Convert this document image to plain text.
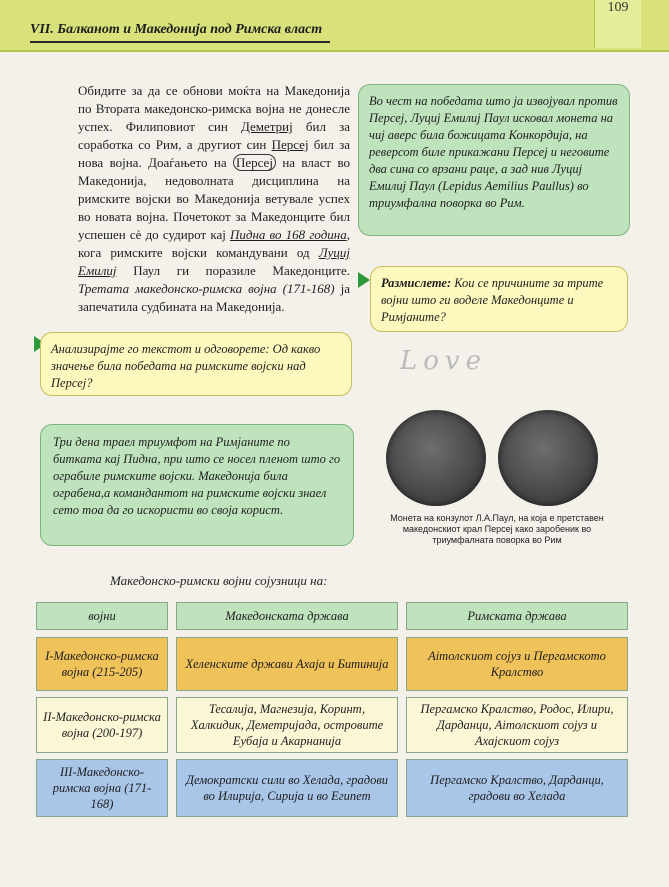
VII. Балканот и Македонија под Римска власт
109
Обидите за да се обнови моќта на Македонија по Втората македонско-римска војна не донесле успех. Филиповиот син Деметриј бил за соработка со Рим, а другиот син Персеј бил за нова војна. Доаѓањето на Персеј на власт во Македонија, недоволната дисциплина на римските војски во Македонија ветувале успех во новата војна. Почетокот за Македонците бил успешен сè до судирот кај Пидна во 168 година, кога римските војски командувани од Луциј Емилиј Паул ги поразиле Македонците. Третата македонско-римска војна (171-168) ја запечатила судбината на Македонија.
Во чест на победата што ја извојувал против Персеј, Луциј Емилиј Паул исковал монета на чиј аверс била божицата Конкордија, на реверсот биле прикажани Персеј и неговите два сина со врзани раце, а зад нив Луциј Емилиј Паул (Lepidus Aemilius Paullus) во триумфална поворка во Рим.
Размислете: Кои се причините за трите војни што ги воделе Македонците и Римјаните?
Love
Анализирајте го текстот и одговорете: Од какво значење била победата на римските војски над Персеј?
Три дена траел триумфот на Римјаните по битката кај Пидна, при што се носел пленот што го ограбиле римските војски. Македонија била ограбена,а командантот на римските војски знаел сето тоа да го искористи во своја корист.
Монета на конзулот Л.А.Паул, на која е претставен македонскиот крал Персеј како заробеник во триумфалната поворка во Рим
Македонско-римски војни сојузници на:
војни	Македонската држава	Римската држава
I-Македонско-римска војна (215-205)
Хеленските држави Ахаја и Битинија
Аітолскиот сојуз и Пергамското Кралство
II-Македонско-римска војна (200-197)
Тесалија, Магнезија, Коринт, Халкидик, Деметријада, островите Еубаја и Акарнанија
Пергамско Кралство, Родос, Илири, Дарданци, Аітолскиот сојуз и Ахајскиот сојуз
III-Македонско-римска војна (171-168)
Демократски сили во Хелада, градови во Илирија, Сирија и во Египет
Пергамско Кралство, Дарданци, градови во Хелада
